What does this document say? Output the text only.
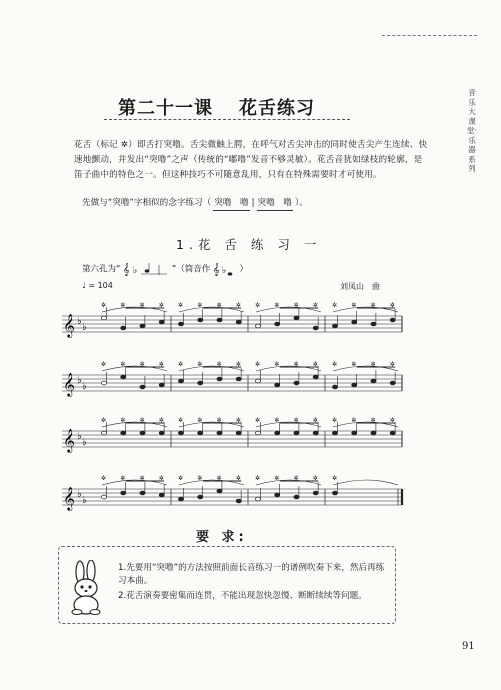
音乐大课堂·乐器系列
第二十一课 花舌练习
花舌（标记 ✲）即舌打突噜。舌尖微触上腭，在呼气对舌尖冲击的同时使舌尖产生连续、快速地颤动，并发出“突噜”之声（传统的“嘟噜”发音不够灵敏）。花舌音犹如绿枝的轮廓，是笛子曲中的特色之一。但这种技巧不可随意乱用，只有在特殊需要时才可使用。
先做与“突噜”字相似的念字练习（ 突噜　噜 | 突噜　噜 ）。
1.花 舌 练 习 一
第六孔为“ 𝄞 ♭	”（筒音作 𝄞 ♭ ）
♩ = 104	刘凤山　曲
𝄞 ♭
♭
✲ ✲ ✲ ✲ ✲ ✲ ✲ ✲ ✲ ✲ ✲ ✲ ✲ ✲ ✲ ✲
𝄞 ♭
♭
✲ ✲ ✲ ✲ ✲ ✲ ✲ ✲ ✲ ✲ ✲ ✲ ✲ ✲ ✲ ✲
𝄞 ♭
♭
✲ ✲ ✲ ✲ ✲ ✲ ✲ ✲ ✲ ✲ ✲ ✲ ✲ ✲ ✲ ✲
𝄞 ♭
♭
✲ ✲ ✲ ✲ ✲ ✲ ✲ ✲ ✲ ✲ ✲ ✲ ✲
要 求:
1.先要用“突噜”的方法按照前面长音练习一的谱例吹奏下来，然后再练习本曲。
2.花舌演奏要密集而连贯，不能出现忽快忽慢、断断续续等问题。
91
